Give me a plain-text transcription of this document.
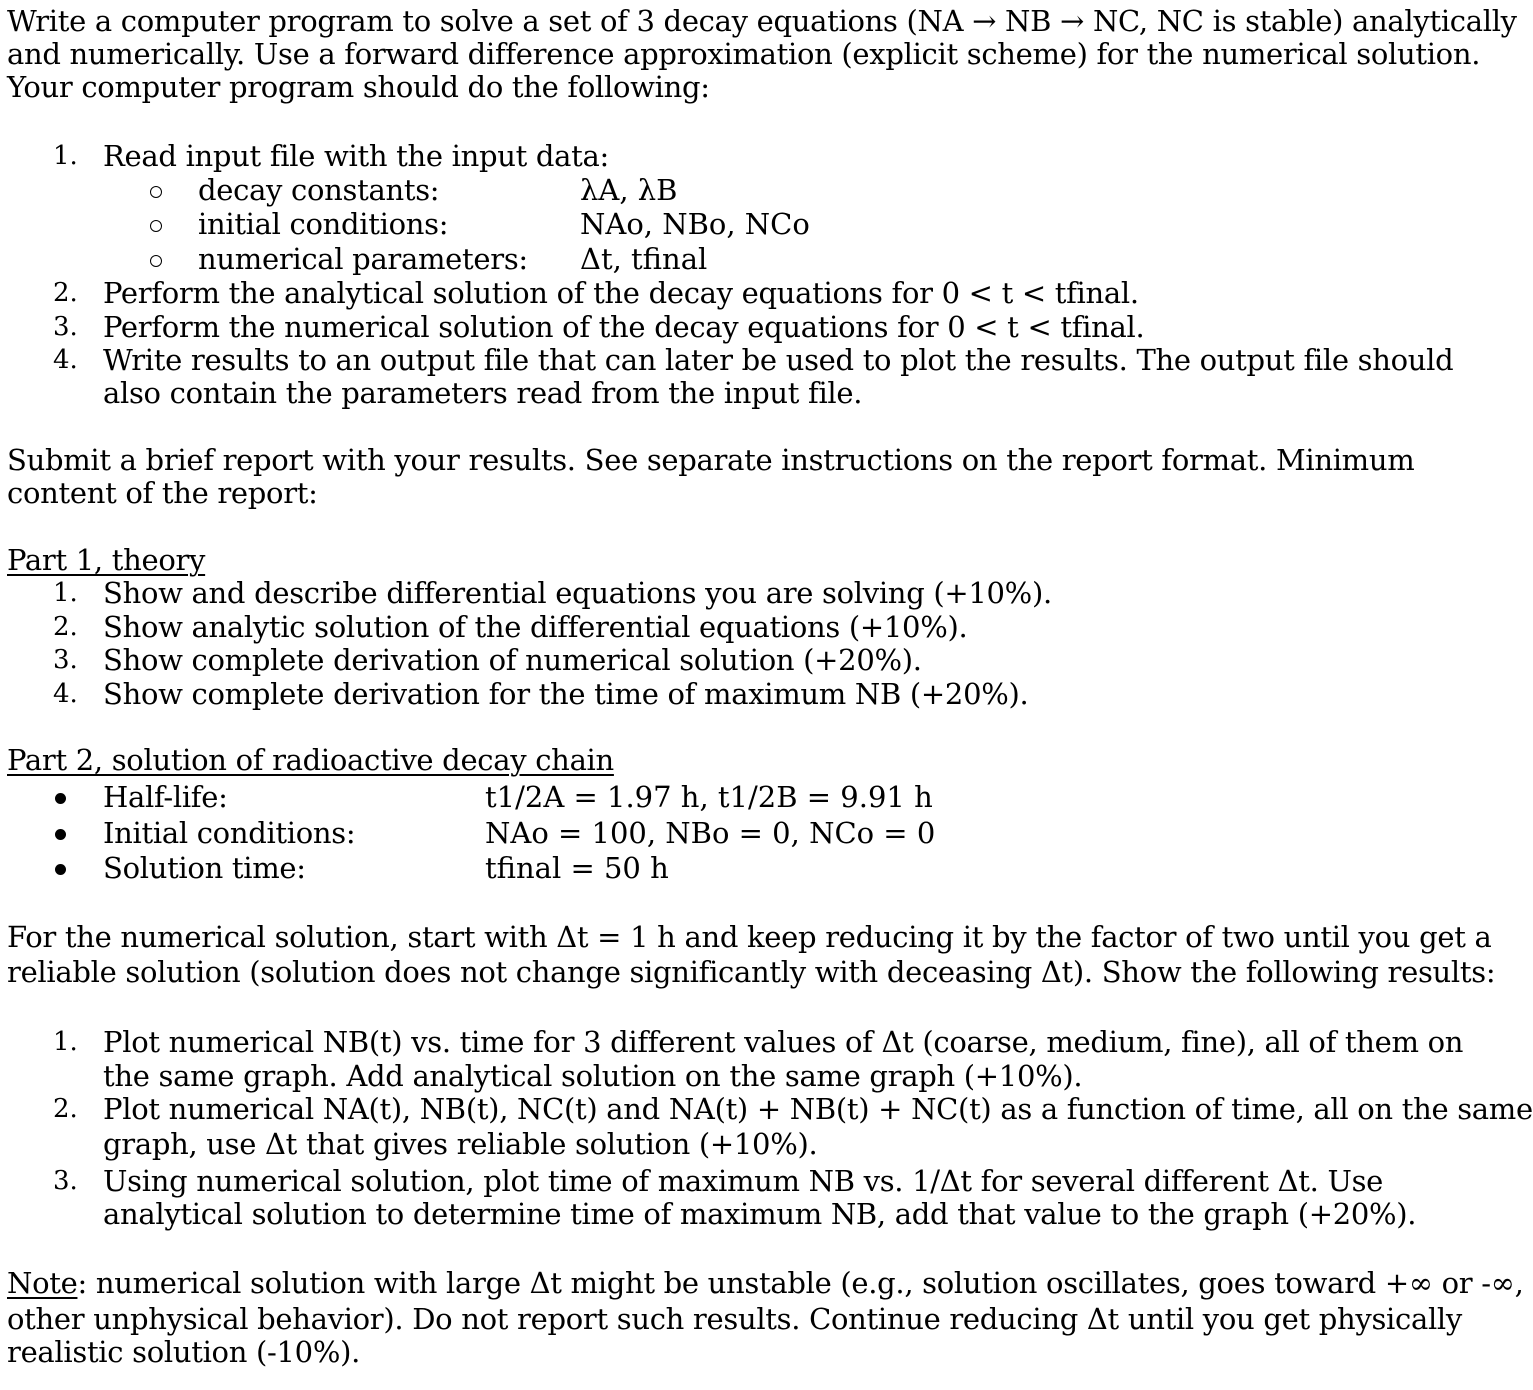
Write a computer program to solve a set of 3 decay equations (NA → NB → NC, NC is stable) analytically

and numerically. Use a forward difference approximation (explicit scheme) for the numerical solution.

Your computer program should do the following:

1. Read input file with the input data:
decay constants:	λA, λB
initial conditions:	NAo, NBo, NCo
numerical parameters: Δt, tfinal
2. Perform the analytical solution of the decay equations for 0 < t < tfinal.
3. Perform the numerical solution of the decay equations for 0 < t < tfinal.
4. Write results to an output file that can later be used to plot the results. The output file should
also contain the parameters read from the input file.

Submit a brief report with your results. See separate instructions on the report format. Minimum

content of the report:

Part 1, theory

1. Show and describe differential equations you are solving (+10%).
2. Show analytic solution of the differential equations (+10%).
3. Show complete derivation of numerical solution (+20%).
4. Show complete derivation for the time of maximum NB (+20%).

Part 2, solution of radioactive decay chain

Half-life:	t1/2A = 1.97 h, t1/2B = 9.91 h
Initial conditions:	NAo = 100, NBo = 0, NCo = 0
Solution time:	tfinal = 50 h

For the numerical solution, start with Δt = 1 h and keep reducing it by the factor of two until you get a

reliable solution (solution does not change significantly with deceasing Δt). Show the following results:

1. Plot numerical NB(t) vs. time for 3 different values of Δt (coarse, medium, fine), all of them on
the same graph. Add analytical solution on the same graph (+10%).
2. Plot numerical NA(t), NB(t), NC(t) and NA(t) + NB(t) + NC(t) as a function of time, all on the same
graph, use Δt that gives reliable solution (+10%).
3. Using numerical solution, plot time of maximum NB vs. 1/Δt for several different Δt. Use
analytical solution to determine time of maximum NB, add that value to the graph (+20%).

Note: numerical solution with large Δt might be unstable (e.g., solution oscillates, goes toward +∞ or -∞,

other unphysical behavior). Do not report such results. Continue reducing Δt until you get physically

realistic solution (-10%).
